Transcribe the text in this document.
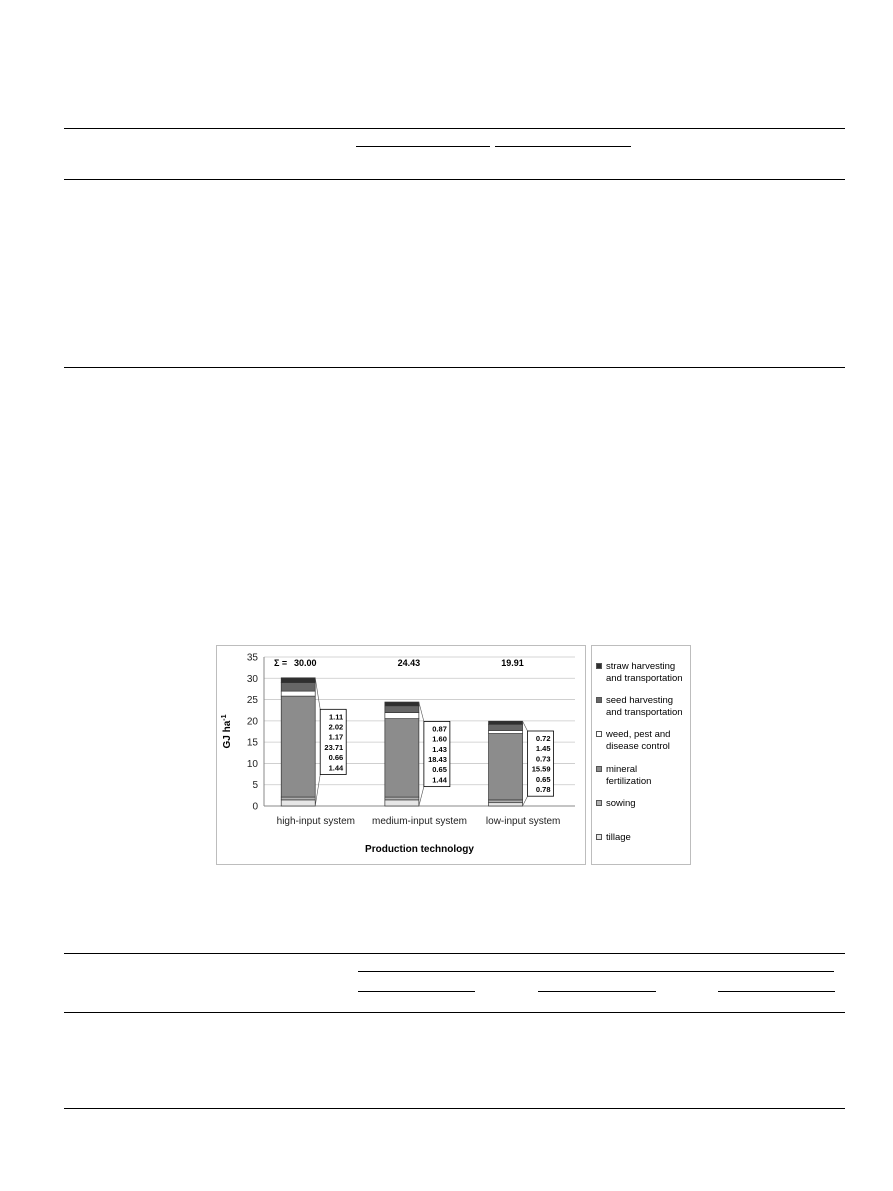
0
5
10
15
20
25
30
35
GJ $ha^{-1}$
Production technology
Σ =
high-input system
30.00
1.11
2.02
1.17
23.71
0.66
1.44
medium-input system
24.43
0.87
1.60
1.43
18.43
0.65
1.44
low-input system
19.91
0.72
1.45
0.73
15.59
0.65
0.78
straw harvesting
and transportation
seed harvesting
and transportation
weed, pest and
disease control
mineral
fertilization
sowing
tillage
